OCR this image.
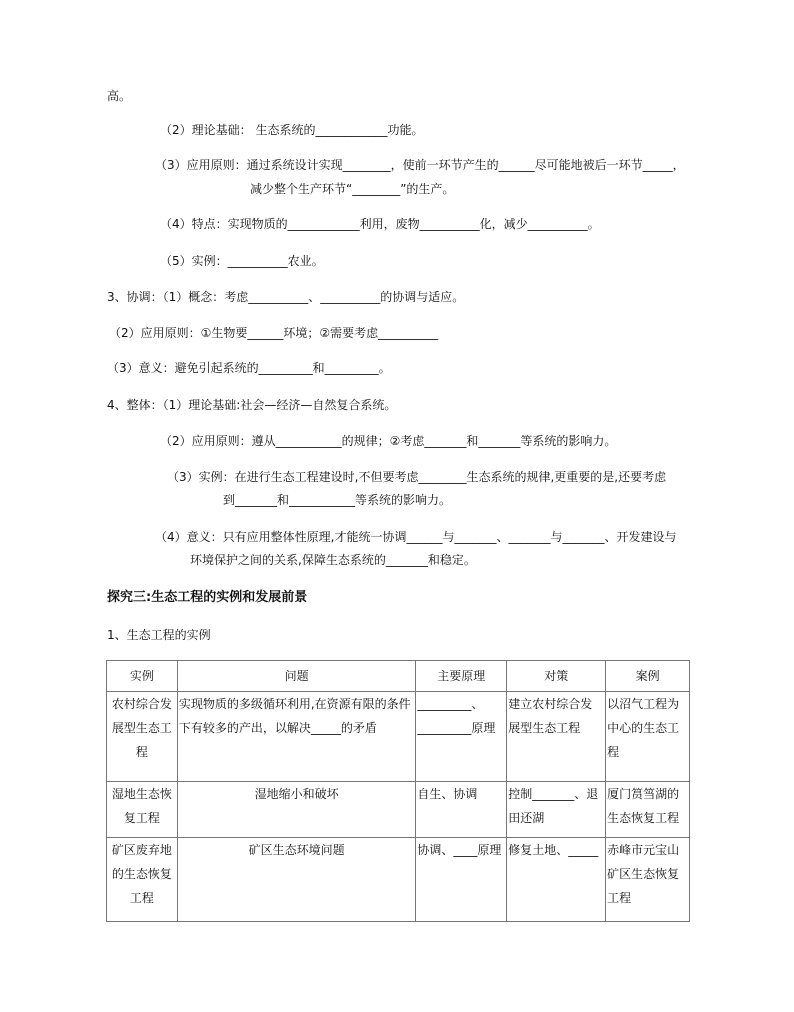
高。
（2）理论基础： 生态系统的____________功能。
（3）应用原则：通过系统设计实现________，使前一环节产生的______尽可能地被后一环节_____，
减少整个生产环节“________”的生产。
（4）特点：实现物质的____________利用，废物__________化，减少__________。
（5）实例：__________农业。
3、协调：（1）概念：考虑__________、__________的协调与适应。
（2）应用原则：①生物要______环境；②需要考虑__________
（3）意义：避免引起系统的_________和_________。
4、整体：（1）理论基础:社会—经济—自然复合系统。
（2）应用原则：遵从___________的规律；②考虑_______和_______等系统的影响力。
（3）实例：在进行生态工程建设时,不但要考虑________生态系统的规律,更重要的是,还要考虑
到_______和___________等系统的影响力。
（4）意义：只有应用整体性原理,才能统一协调______与_______、_______与_______、开发建设与
环境保护之间的关系,保障生态系统的_______和稳定。
探究三:生态工程的实例和发展前景
1、生态工程的实例
实例	问题	主要原理	对策	案例
农村综合发展型生态工程	实现物质的多级循环利用,在资源有限的条件下有较多的产出，以解决_____的矛盾	_________、_________原理	建立农村综合发展型生态工程	以沼气工程为中心的生态工程
湿地生态恢复工程	湿地缩小和破坏	自生、协调	控制_______、退田还湖	厦门筼筜湖的生态恢复工程
矿区废弃地的生态恢复工程	矿区生态环境问题	协调、____原理	修复土地、_____	赤峰市元宝山矿区生态恢复工程
